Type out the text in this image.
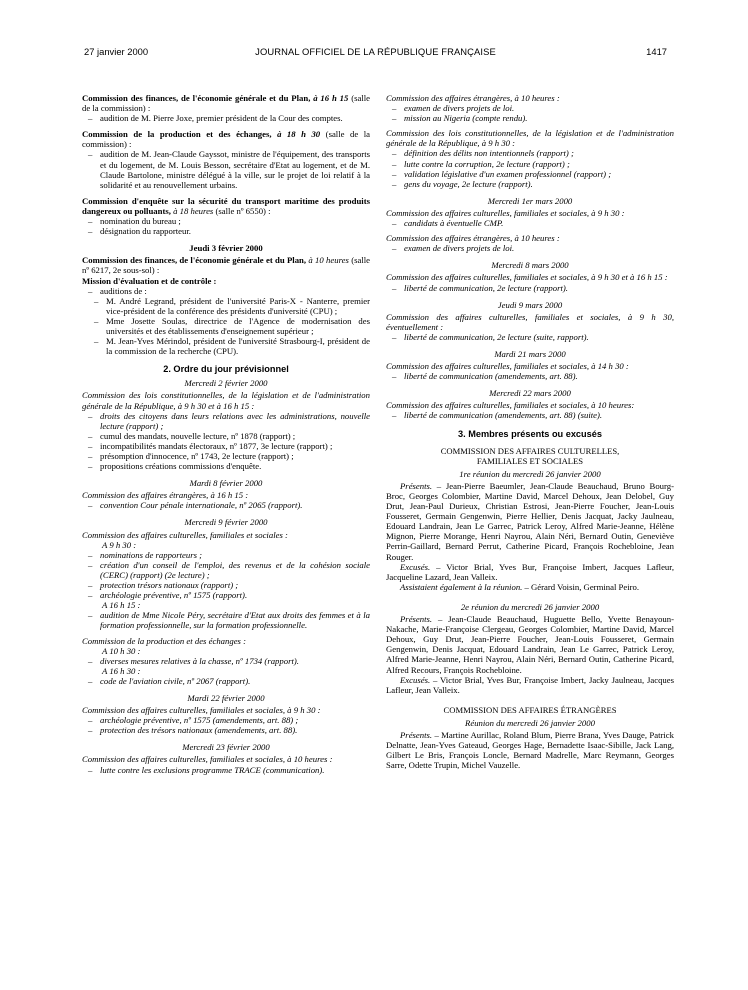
27 janvier 2000	JOURNAL OFFICIEL DE LA RÉPUBLIQUE FRANÇAISE	1417

Commission des finances, de l'économie générale et du Plan, à 16 h 15 (salle de la commission) :

– audition de M. Pierre Joxe, premier président de la Cour des comptes.

Commission de la production et des échanges, à 18 h 30 (salle de la commission) :

– audition de M. Jean-Claude Gayssot, ministre de l'équipement, des transports et du logement, de M. Louis Besson, secrétaire d'Etat au logement, et de M. Claude Bartolone, ministre délégué à la ville, sur le projet de loi relatif à la solidarité et au renouvellement urbains.

Commission d'enquête sur la sécurité du transport maritime des produits dangereux ou polluants, à 18 heures (salle nº 6550) :

– nomination du bureau ;
– désignation du rapporteur.

Jeudi 3 février 2000

Commission des finances, de l'économie générale et du Plan, à 10 heures (salle nº 6217, 2e sous-sol) :

Mission d'évaluation et de contrôle :

– auditions de :
– M. André Legrand, président de l'université Paris-X - Nanterre, premier vice-président de la conférence des présidents d'université (CPU) ;
– Mme Josette Soulas, directrice de l'Agence de modernisation des universités et des établissements d'enseignement supérieur ;
– M. Jean-Yves Mérindol, président de l'université Strasbourg-I, président de la commission de la recherche (CPU).

2. Ordre du jour prévisionnel

Mercredi 2 février 2000

Commission des lois constitutionnelles, de la législation et de l'administration générale de la République, à 9 h 30 et à 16 h 15 :

– droits des citoyens dans leurs relations avec les administrations, nouvelle lecture (rapport) ;
– cumul des mandats, nouvelle lecture, nº 1878 (rapport) ;
– incompatibilités mandats électoraux, nº 1877, 3e lecture (rapport) ;
– présomption d'innocence, nº 1743, 2e lecture (rapport) ;
– propositions créations commissions d'enquête.

Mardi 8 février 2000

Commission des affaires étrangères, à 16 h 15 :

– convention Cour pénale internationale, nº 2065 (rapport).

Mercredi 9 février 2000

Commission des affaires culturelles, familiales et sociales :

A 9 h 30 :

– nominations de rapporteurs ;
– création d'un conseil de l'emploi, des revenus et de la cohésion sociale (CERC) (rapport) (2e lecture) ;
– protection trésors nationaux (rapport) ;
– archéologie préventive, nº 1575 (rapport).

A 16 h 15 :

– audition de Mme Nicole Péry, secrétaire d'Etat aux droits des femmes et à la formation professionnelle, sur la formation professionnelle.

Commission de la production et des échanges :

A 10 h 30 :

– diverses mesures relatives à la chasse, nº 1734 (rapport).

A 16 h 30 :

– code de l'aviation civile, nº 2067 (rapport).

Mardi 22 février 2000

Commission des affaires culturelles, familiales et sociales, à 9 h 30 :

– archéologie préventive, nº 1575 (amendements, art. 88) ;
– protection des trésors nationaux (amendements, art. 88).

Mercredi 23 février 2000

Commission des affaires culturelles, familiales et sociales, à 10 heures :

– lutte contre les exclusions programme TRACE (communication).

Commission des affaires étrangères, à 10 heures :

– examen de divers projets de loi.
– mission au Nigeria (compte rendu).

Commission des lois constitutionnelles, de la législation et de l'administration générale de la République, à 9 h 30 :

– définition des délits non intentionnels (rapport) ;
– lutte contre la corruption, 2e lecture (rapport) ;
– validation législative d'un examen professionnel (rapport) ;
– gens du voyage, 2e lecture (rapport).

Mercredi 1er mars 2000

Commission des affaires culturelles, familiales et sociales, à 9 h 30 :

– candidats à éventuelle CMP.

Commission des affaires étrangères, à 10 heures :

– examen de divers projets de loi.

Mercredi 8 mars 2000

Commission des affaires culturelles, familiales et sociales, à 9 h 30 et à 16 h 15 :

– liberté de communication, 2e lecture (rapport).

Jeudi 9 mars 2000

Commission des affaires culturelles, familiales et sociales, à 9 h 30, éventuellement :

– liberté de communication, 2e lecture (suite, rapport).

Mardi 21 mars 2000

Commission des affaires culturelles, familiales et sociales, à 14 h 30 :

– liberté de communication (amendements, art. 88).

Mercredi 22 mars 2000

Commission des affaires culturelles, familiales et sociales, à 10 heures:

– liberté de communication (amendements, art. 88) (suite).

3. Membres présents ou excusés

COMMISSION DES AFFAIRES CULTURELLES,

FAMILIALES ET SOCIALES

1re réunion du mercredi 26 janvier 2000

Présents. – Jean-Pierre Baeumler, Jean-Claude Beauchaud, Bruno Bourg-Broc, Georges Colombier, Martine David, Marcel Dehoux, Jean Delobel, Guy Drut, Jean-Paul Durieux, Christian Estrosi, Jean-Pierre Foucher, Jean-Louis Fousseret, Germain Gengenwin, Pierre Hellier, Denis Jacquat, Jacky Jaulneau, Edouard Landrain, Jean Le Garrec, Patrick Leroy, Alfred Marie-Jeanne, Hélène Mignon, Pierre Morange, Henri Nayrou, Alain Néri, Bernard Outin, Geneviève Perrin-Gaillard, Bernard Perrut, Catherine Picard, François Rochebloine, Jean Rouger.

Excusés. – Victor Brial, Yves Bur, Françoise Imbert, Jacques Lafleur, Jacqueline Lazard, Jean Valleix.

Assistaient également à la réunion. – Gérard Voisin, Germinal Peiro.

2e réunion du mercredi 26 janvier 2000

Présents. – Jean-Claude Beauchaud, Huguette Bello, Yvette Benayoun-Nakache, Marie-Françoise Clergeau, Georges Colombier, Martine David, Marcel Dehoux, Guy Drut, Jean-Pierre Foucher, Jean-Louis Fousseret, Germain Gengenwin, Denis Jacquat, Edouard Landrain, Jean Le Garrec, Patrick Leroy, Alfred Marie-Jeanne, Henri Nayrou, Alain Néri, Bernard Outin, Catherine Picard, Alfred Recours, François Rochebloine.

Excusés. – Victor Brial, Yves Bur, Françoise Imbert, Jacky Jaulneau, Jacques Lafleur, Jean Valleix.

COMMISSION DES AFFAIRES ÉTRANGÈRES

Réunion du mercredi 26 janvier 2000

Présents. – Martine Aurillac, Roland Blum, Pierre Brana, Yves Dauge, Patrick Delnatte, Jean-Yves Gateaud, Georges Hage, Bernadette Isaac-Sibille, Jack Lang, Gilbert Le Bris, François Loncle, Bernard Madrelle, Marc Reymann, Georges Sarre, Odette Trupin, Michel Vauzelle.
